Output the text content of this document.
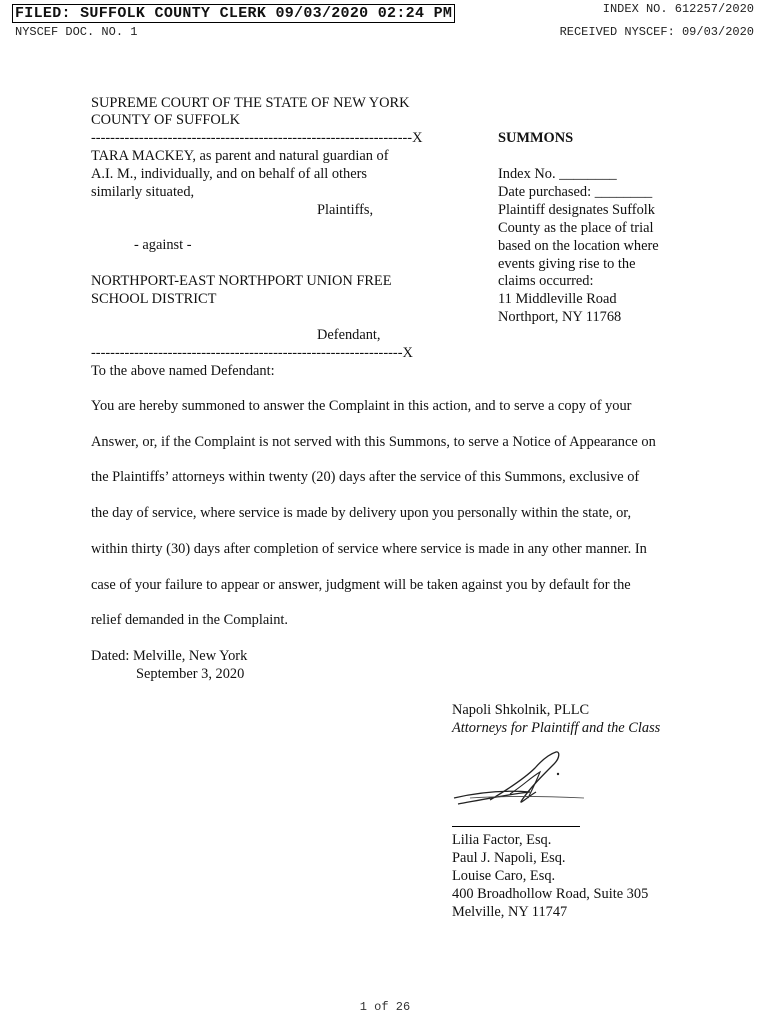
FILED: SUFFOLK COUNTY CLERK 09/03/2020 02:24 PM	INDEX NO. 612257/2020
NYSCEF DOC. NO. 1	RECEIVED NYSCEF: 09/03/2020
SUPREME COURT OF THE STATE OF NEW YORK
COUNTY OF SUFFOLK
-------------------------------------------------------------------X
TARA MACKEY, as parent and natural guardian of
A.I. M., individually, and on behalf of all others
similarly situated,
Plaintiffs,
- against -
NORTHPORT-EAST NORTHPORT UNION FREE
SCHOOL DISTRICT
Defendant,
-----------------------------------------------------------------X
SUMMONS
Index No. ________
Date purchased: ________
Plaintiff designates Suffolk
County as the place of trial
based on the location where
events giving rise to the
claims occurred:
11 Middleville Road
Northport, NY 11768
To the above named Defendant:
You are hereby summoned to answer the Complaint in this action, and to serve a copy of your
Answer, or, if the Complaint is not served with this Summons, to serve a Notice of Appearance on
the Plaintiffs’ attorneys within twenty (20) days after the service of this Summons, exclusive of
the day of service, where service is made by delivery upon you personally within the state, or,
within thirty (30) days after completion of service where service is made in any other manner. In
case of your failure to appear or answer, judgment will be taken against you by default for the
relief demanded in the Complaint.
Dated: Melville, New York
September 3, 2020
Napoli Shkolnik, PLLC
Attorneys for Plaintiff and the Class
Lilia Factor, Esq.
Paul J. Napoli, Esq.
Louise Caro, Esq.
400 Broadhollow Road, Suite 305
Melville, NY 11747
1 of 26
